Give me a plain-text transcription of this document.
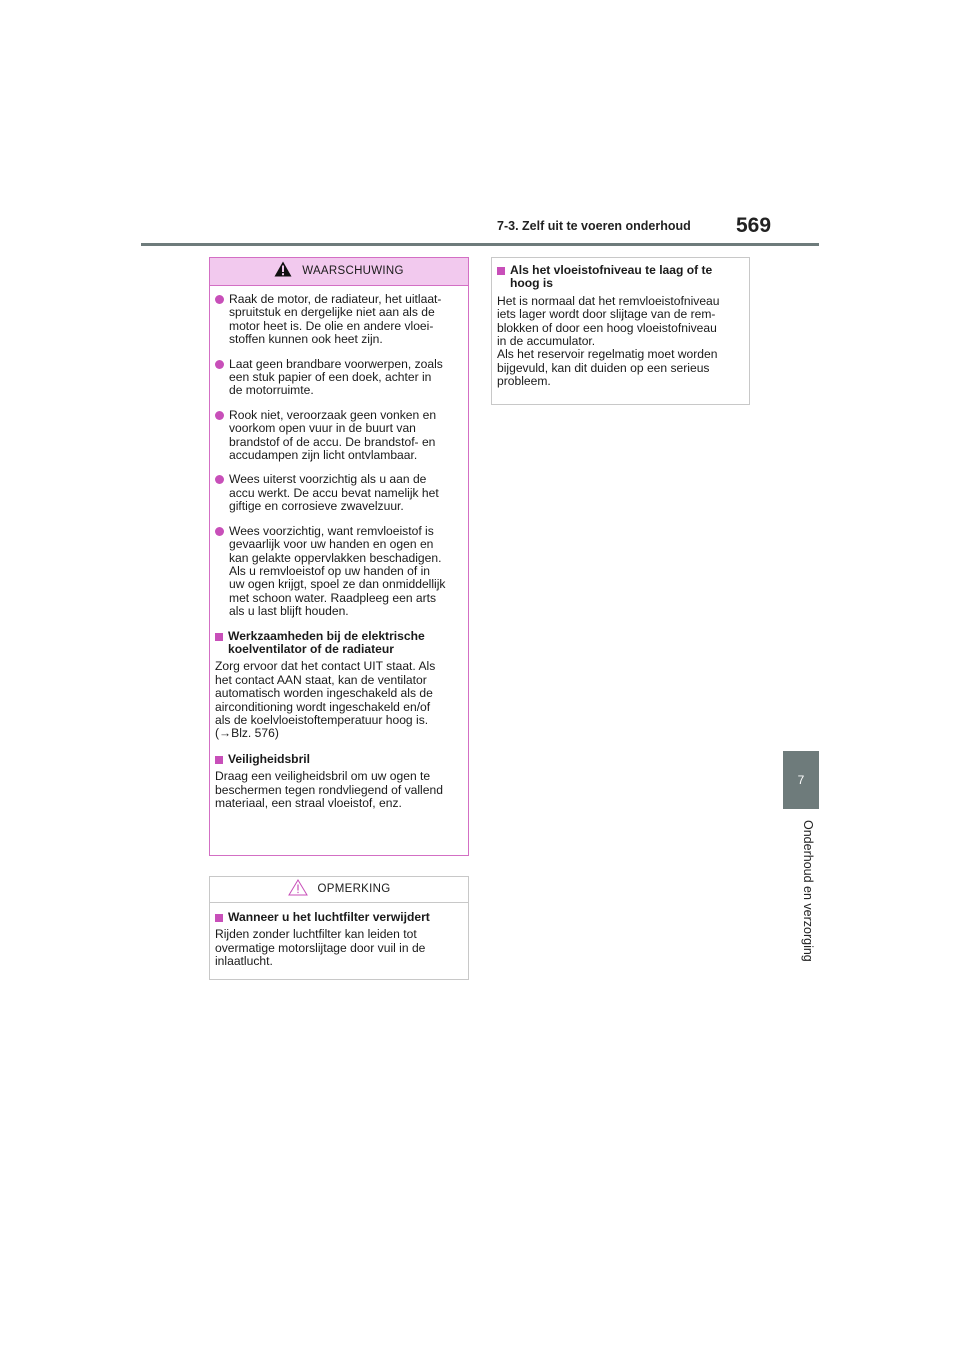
7-3. Zelf uit te voeren onderhoud 569
7
Onderhoud en verzorging
WAARSCHUWING
Raak de motor, de radiateur, het uitlaat-
spruitstuk en dergelijke niet aan als de
motor heet is. De olie en andere vloei-
stoffen kunnen ook heet zijn.
Laat geen brandbare voorwerpen, zoals
een stuk papier of een doek, achter in
de motorruimte.
Rook niet, veroorzaak geen vonken en
voorkom open vuur in de buurt van
brandstof of de accu. De brandstof- en
accudampen zijn licht ontvlambaar.
Wees uiterst voorzichtig als u aan de
accu werkt. De accu bevat namelijk het
giftige en corrosieve zwavelzuur.
Wees voorzichtig, want remvloeistof is
gevaarlijk voor uw handen en ogen en
kan gelakte oppervlakken beschadigen.
Als u remvloeistof op uw handen of in
uw ogen krijgt, spoel ze dan onmiddellijk
met schoon water. Raadpleeg een arts
als u last blijft houden.
Werkzaamheden bij de elektrische
koelventilator of de radiateur
Zorg ervoor dat het contact UIT staat. Als
het contact AAN staat, kan de ventilator
automatisch worden ingeschakeld als de
airconditioning wordt ingeschakeld en/of
als de koelvloeistoftemperatuur hoog is.
(→Blz. 576)
Veiligheidsbril
Draag een veiligheidsbril om uw ogen te
beschermen tegen rondvliegend of vallend
materiaal, een straal vloeistof, enz.
OPMERKING
Wanneer u het luchtfilter verwijdert
Rijden zonder luchtfilter kan leiden tot
overmatige motorslijtage door vuil in de
inlaatlucht.
Als het vloeistofniveau te laag of te
hoog is
Het is normaal dat het remvloeistofniveau
iets lager wordt door slijtage van de rem-
blokken of door een hoog vloeistofniveau
in de accumulator.
Als het reservoir regelmatig moet worden
bijgevuld, kan dit duiden op een serieus
probleem.
